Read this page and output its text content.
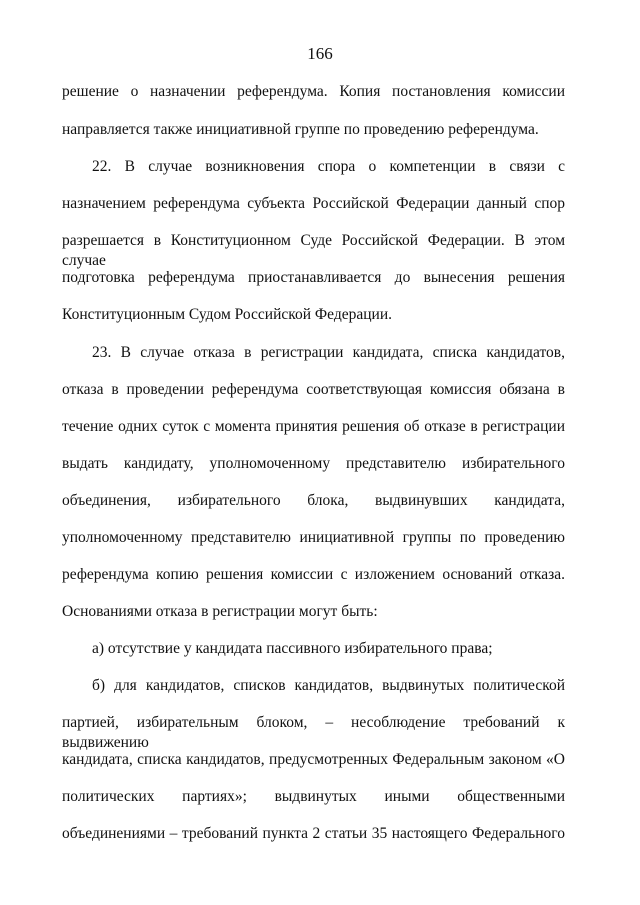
166
решение о назначении референдума. Копия постановления комиссии
направляется также инициативной группе по проведению референдума.
22. В случае возникновения спора о компетенции в связи с
назначением референдума субъекта Российской Федерации данный спор
разрешается в Конституционном Суде Российской Федерации. В этом случае
подготовка референдума приостанавливается до вынесения решения
Конституционным Судом Российской Федерации.
23. В случае отказа в регистрации кандидата, списка кандидатов,
отказа в проведении референдума соответствующая комиссия обязана в
течение одних суток с момента принятия решения об отказе в регистрации
выдать кандидату, уполномоченному представителю избирательного
объединения, избирательного блока, выдвинувших кандидата,
уполномоченному представителю инициативной группы по проведению
референдума копию решения комиссии с изложением оснований отказа.
Основаниями отказа в регистрации могут быть:
а) отсутствие у кандидата пассивного избирательного права;
б) для кандидатов, списков кандидатов, выдвинутых политической
партией, избирательным блоком, – несоблюдение требований к выдвижению
кандидата, списка кандидатов, предусмотренных Федеральным законом «О
политических партиях»; выдвинутых иными общественными
объединениями – требований пункта 2 статьи 35 настоящего Федерального
